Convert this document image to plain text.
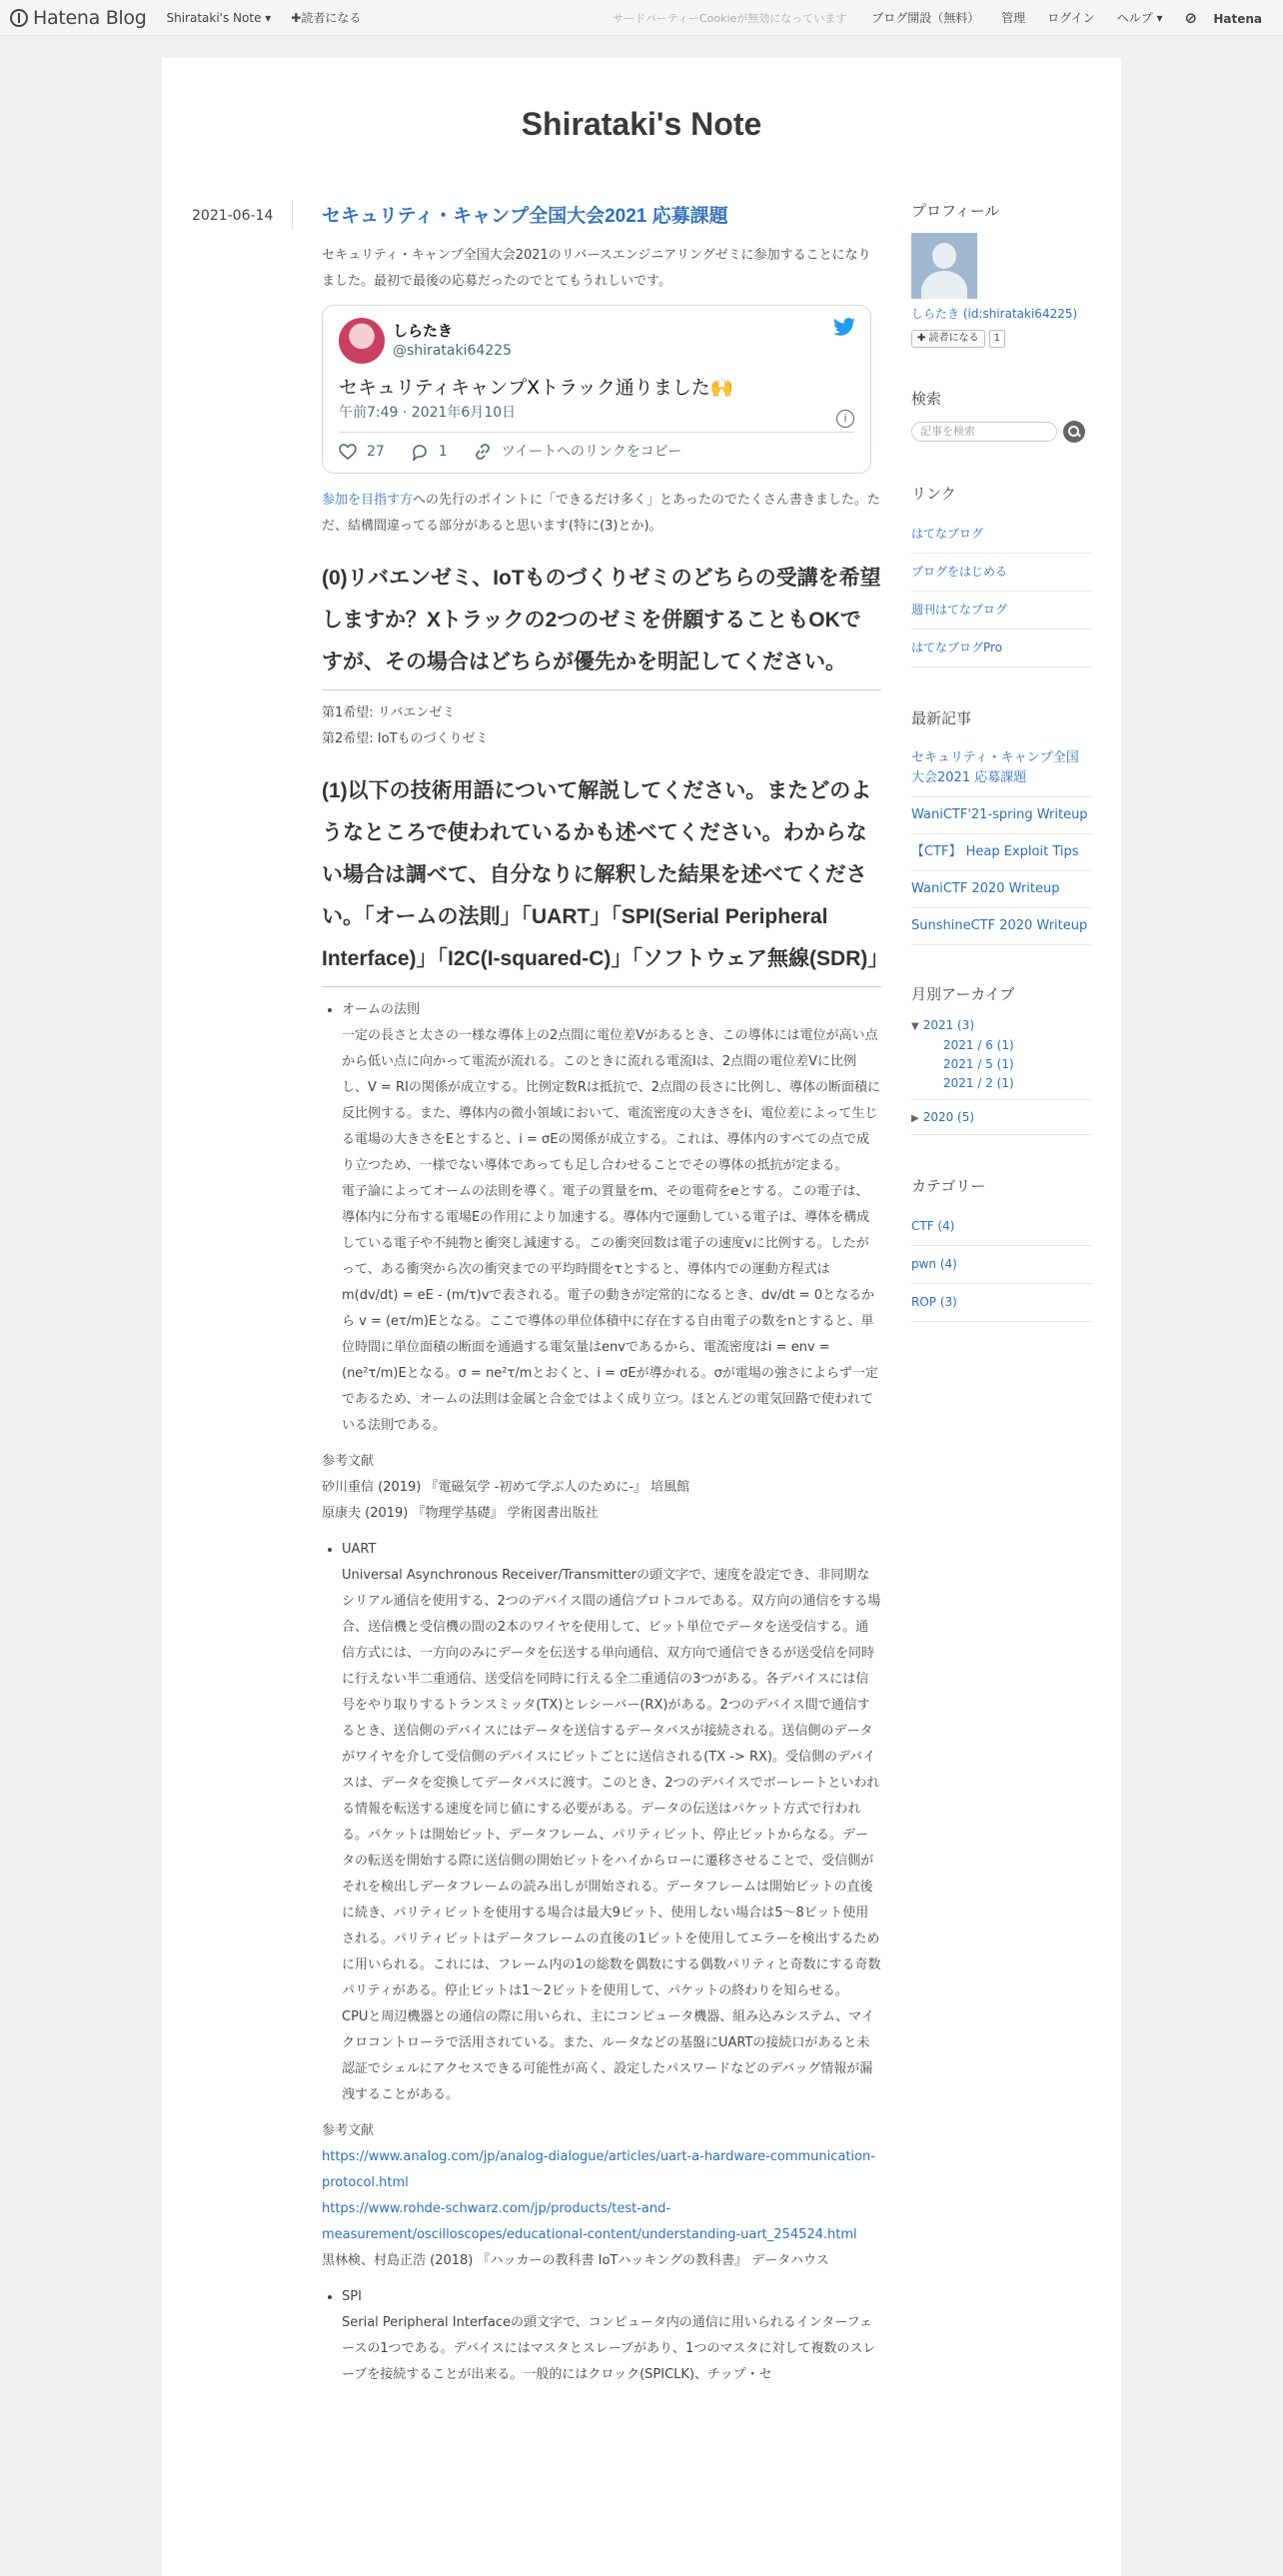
Hatena Blog Shirataki's Note ▾ ✚読者になる	サードパーティーCookieが無効になっています ブログ開設（無料） 管理 ログイン ヘルプ ▾ ⊘ Hatena
Shirataki's Note
2021-06-14	セキュリティ・キャンプ全国大会2021 応募課題

セキュリティ・キャンプ全国大会2021のリバースエンジニアリングゼミに参加することになりました。最初で最後の応募だったのでとてもうれしいです。

しらたき
@shirataki64225
セキュリティキャンプXトラック通りました🙌
午前7:49 · 2021年6月10日	i
27	1	ツイートへのリンクをコピー

参加を目指す方への先行のポイントに「できるだけ多く」とあったのでたくさん書きました。ただ、結構間違ってる部分があると思います(特に(3)とか)。

(0)リバエンゼミ、IoTものづくりゼミのどちらの受講を希望しますか？Xトラックの2つのゼミを併願することもOKですが、その場合はどちらが優先かを明記してください。
第1希望: リバエンゼミ
第2希望: IoTものづくりゼミ
(1)以下の技術用語について解説してください。またどのようなところで使われているかも述べてください。わからない場合は調べて、自分なりに解釈した結果を述べてください。「オームの法則」「UART」「SPI(Serial Peripheral Interface)」「I2C(I-squared-C)」「ソフトウェア無線(SDR)」
• オームの法則
一定の長さと太さの一様な導体上の2点間に電位差Vがあるとき、この導体には電位が高い点から低い点に向かって電流が流れる。このときに流れる電流Iは、2点間の電位差Vに比例し、V = RIの関係が成立する。比例定数Rは抵抗で、2点間の長さに比例し、導体の断面積に反比例する。また、導体内の微小領域において、電流密度の大きさをi、電位差によって生じる電場の大きさをEとすると、i = σEの関係が成立する。これは、導体内のすべての点で成り立つため、一様でない導体であっても足し合わせることでその導体の抵抗が定まる。
電子論によってオームの法則を導く。電子の質量をm、その電荷をeとする。この電子は、導体内に分布する電場Eの作用により加速する。導体内で運動している電子は、導体を構成している電子や不純物と衝突し減速する。この衝突回数は電子の速度vに比例する。したがって、ある衝突から次の衝突までの平均時間をτとすると、導体内での運動方程式は m(dv/dt) = eE - (m/τ)vで表される。電子の動きが定常的になるとき、dv/dt = 0となるから v = (eτ/m)Eとなる。ここで導体の単位体積中に存在する自由電子の数をnとすると、単位時間に単位面積の断面を通過する電気量はenvであるから、電流密度はi = env = (ne²τ/m)Eとなる。σ = ne²τ/mとおくと、i = σEが導かれる。σが電場の強さによらず一定であるため、オームの法則は金属と合金ではよく成り立つ。ほとんどの電気回路で使われている法則である。
参考文献
砂川重信 (2019) 『電磁気学 -初めて学ぶ人のために-』 培風館
原康夫 (2019) 『物理学基礎』 学術図書出版社
• UART
Universal Asynchronous Receiver/Transmitterの頭文字で、速度を設定でき、非同期なシリアル通信を使用する、2つのデバイス間の通信プロトコルである。双方向の通信をする場合、送信機と受信機の間の2本のワイヤを使用して、ビット単位でデータを送受信する。通信方式には、一方向のみにデータを伝送する単向通信、双方向で通信できるが送受信を同時に行えない半二重通信、送受信を同時に行える全二重通信の3つがある。各デバイスには信号をやり取りするトランスミッタ(TX)とレシーバー(RX)がある。2つのデバイス間で通信するとき、送信側のデバイスにはデータを送信するデータバスが接続される。送信側のデータがワイヤを介して受信側のデバイスにビットごとに送信される(TX -> RX)。受信側のデバイスは、データを変換してデータバスに渡す。このとき、2つのデバイスでボーレートといわれる情報を転送する速度を同じ値にする必要がある。データの伝送はパケット方式で行われる。パケットは開始ビット、データフレーム、パリティビット、停止ビットからなる。データの転送を開始する際に送信側の開始ビットをハイからローに遷移させることで、受信側がそれを検出しデータフレームの読み出しが開始される。データフレームは開始ビットの直後に続き、パリティビットを使用する場合は最大9ビット、使用しない場合は5～8ビット使用される。パリティビットはデータフレームの直後の1ビットを使用してエラーを検出するために用いられる。これには、フレーム内の1の総数を偶数にする偶数パリティと奇数にする奇数パリティがある。停止ビットは1～2ビットを使用して、パケットの終わりを知らせる。
CPUと周辺機器との通信の際に用いられ、主にコンピュータ機器、組み込みシステム、マイクロコントローラで活用されている。また、ルータなどの基盤にUARTの接続口があると未認証でシェルにアクセスできる可能性が高く、設定したパスワードなどのデバッグ情報が漏洩することがある。
参考文献
https://www.analog.com/jp/analog-dialogue/articles/uart-a-hardware-communication-protocol.html
https://www.rohde-schwarz.com/jp/products/test-and-measurement/oscilloscopes/educational-content/understanding-uart_254524.html
黒林検、村島正浩 (2018) 『ハッカーの教科書 IoTハッキングの教科書』 データハウス
• SPI
Serial Peripheral Interfaceの頭文字で、コンピュータ内の通信に用いられるインターフェースの1つである。デバイスにはマスタとスレーブがあり、1つのマスタに対して複数のスレーブを接続することが出来る。一般的にはクロック(SPICLK)、チップ・セ
プロフィール
しらたき (id:shirataki64225)
✚ 読者になる	1
検索
記事を検索
リンク
はてなブログ
ブログをはじめる
週刊はてなブログ
はてなブログPro
最新記事
セキュリティ・キャンプ全国大会2021 応募課題
WaniCTF'21-spring Writeup
【CTF】 Heap Exploit Tips
WaniCTF 2020 Writeup
SunshineCTF 2020 Writeup
月別アーカイブ
▼ 2021 (3)
2021 / 6 (1)
2021 / 5 (1)
2021 / 2 (1)
▶ 2020 (5)
カテゴリー
CTF (4)
pwn (4)
ROP (3)
